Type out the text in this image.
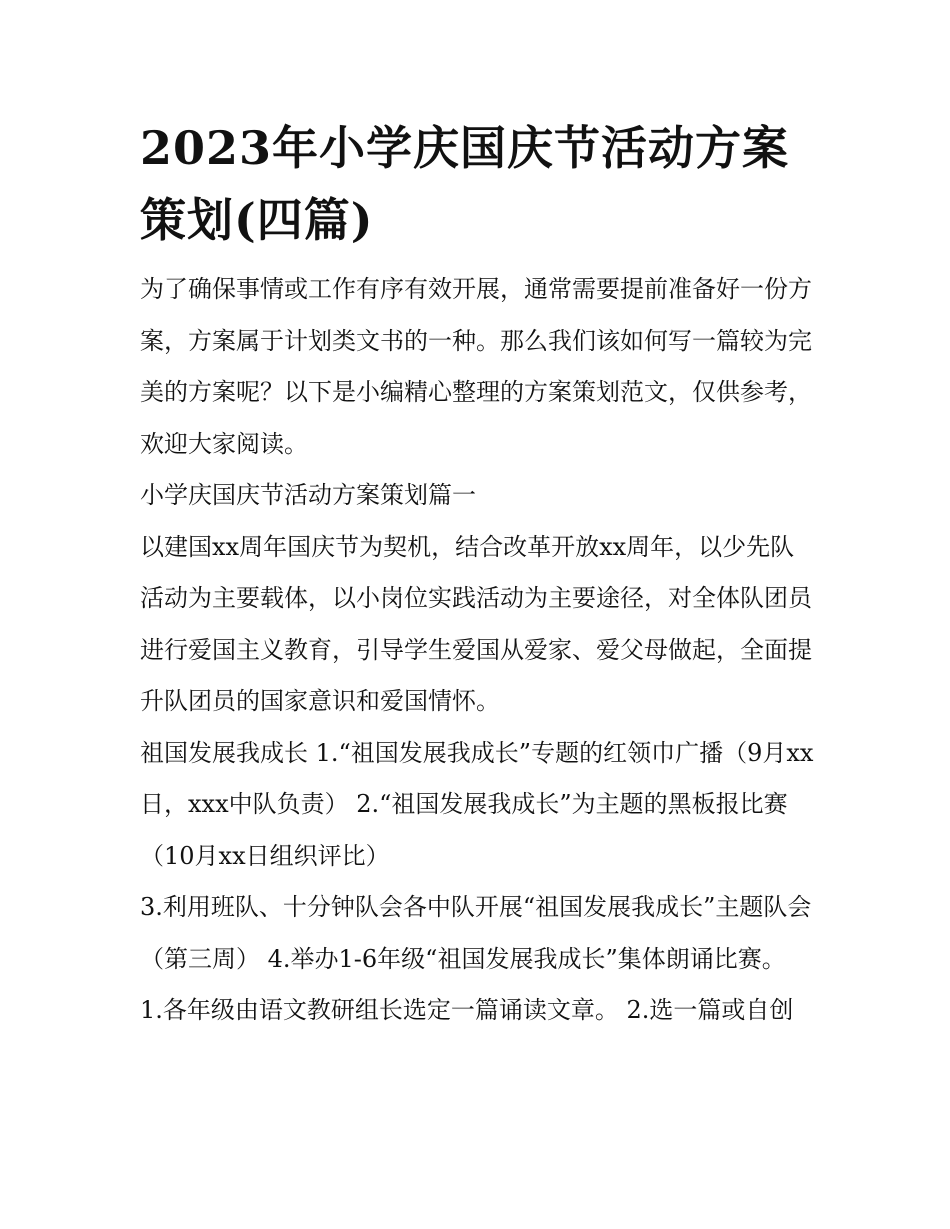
2023年小学庆国庆节活动方案策划(四篇)

为了确保事情或工作有序有效开展，通常需要提前准备好一份方案，方案属于计划类文书的一种。那么我们该如何写一篇较为完美的方案呢？以下是小编精心整理的方案策划范文，仅供参考，欢迎大家阅读。

小学庆国庆节活动方案策划篇一

以建国xx周年国庆节为契机，结合改革开放xx周年，以少先队活动为主要载体，以小岗位实践活动为主要途径，对全体队团员进行爱国主义教育，引导学生爱国从爱家、爱父母做起，全面提升队团员的国家意识和爱国情怀。

祖国发展我成长 1.“祖国发展我成长”专题的红领巾广播（9月xx日，xxx中队负责） 2.“祖国发展我成长”为主题的黑板报比赛（10月xx日组织评比）

3.利用班队、十分钟队会各中队开展“祖国发展我成长”主题队会（第三周） 4.举办1-6年级“祖国发展我成长”集体朗诵比赛。

1.各年级由语文教研组长选定一篇诵读文章。 2.选一篇或自创
